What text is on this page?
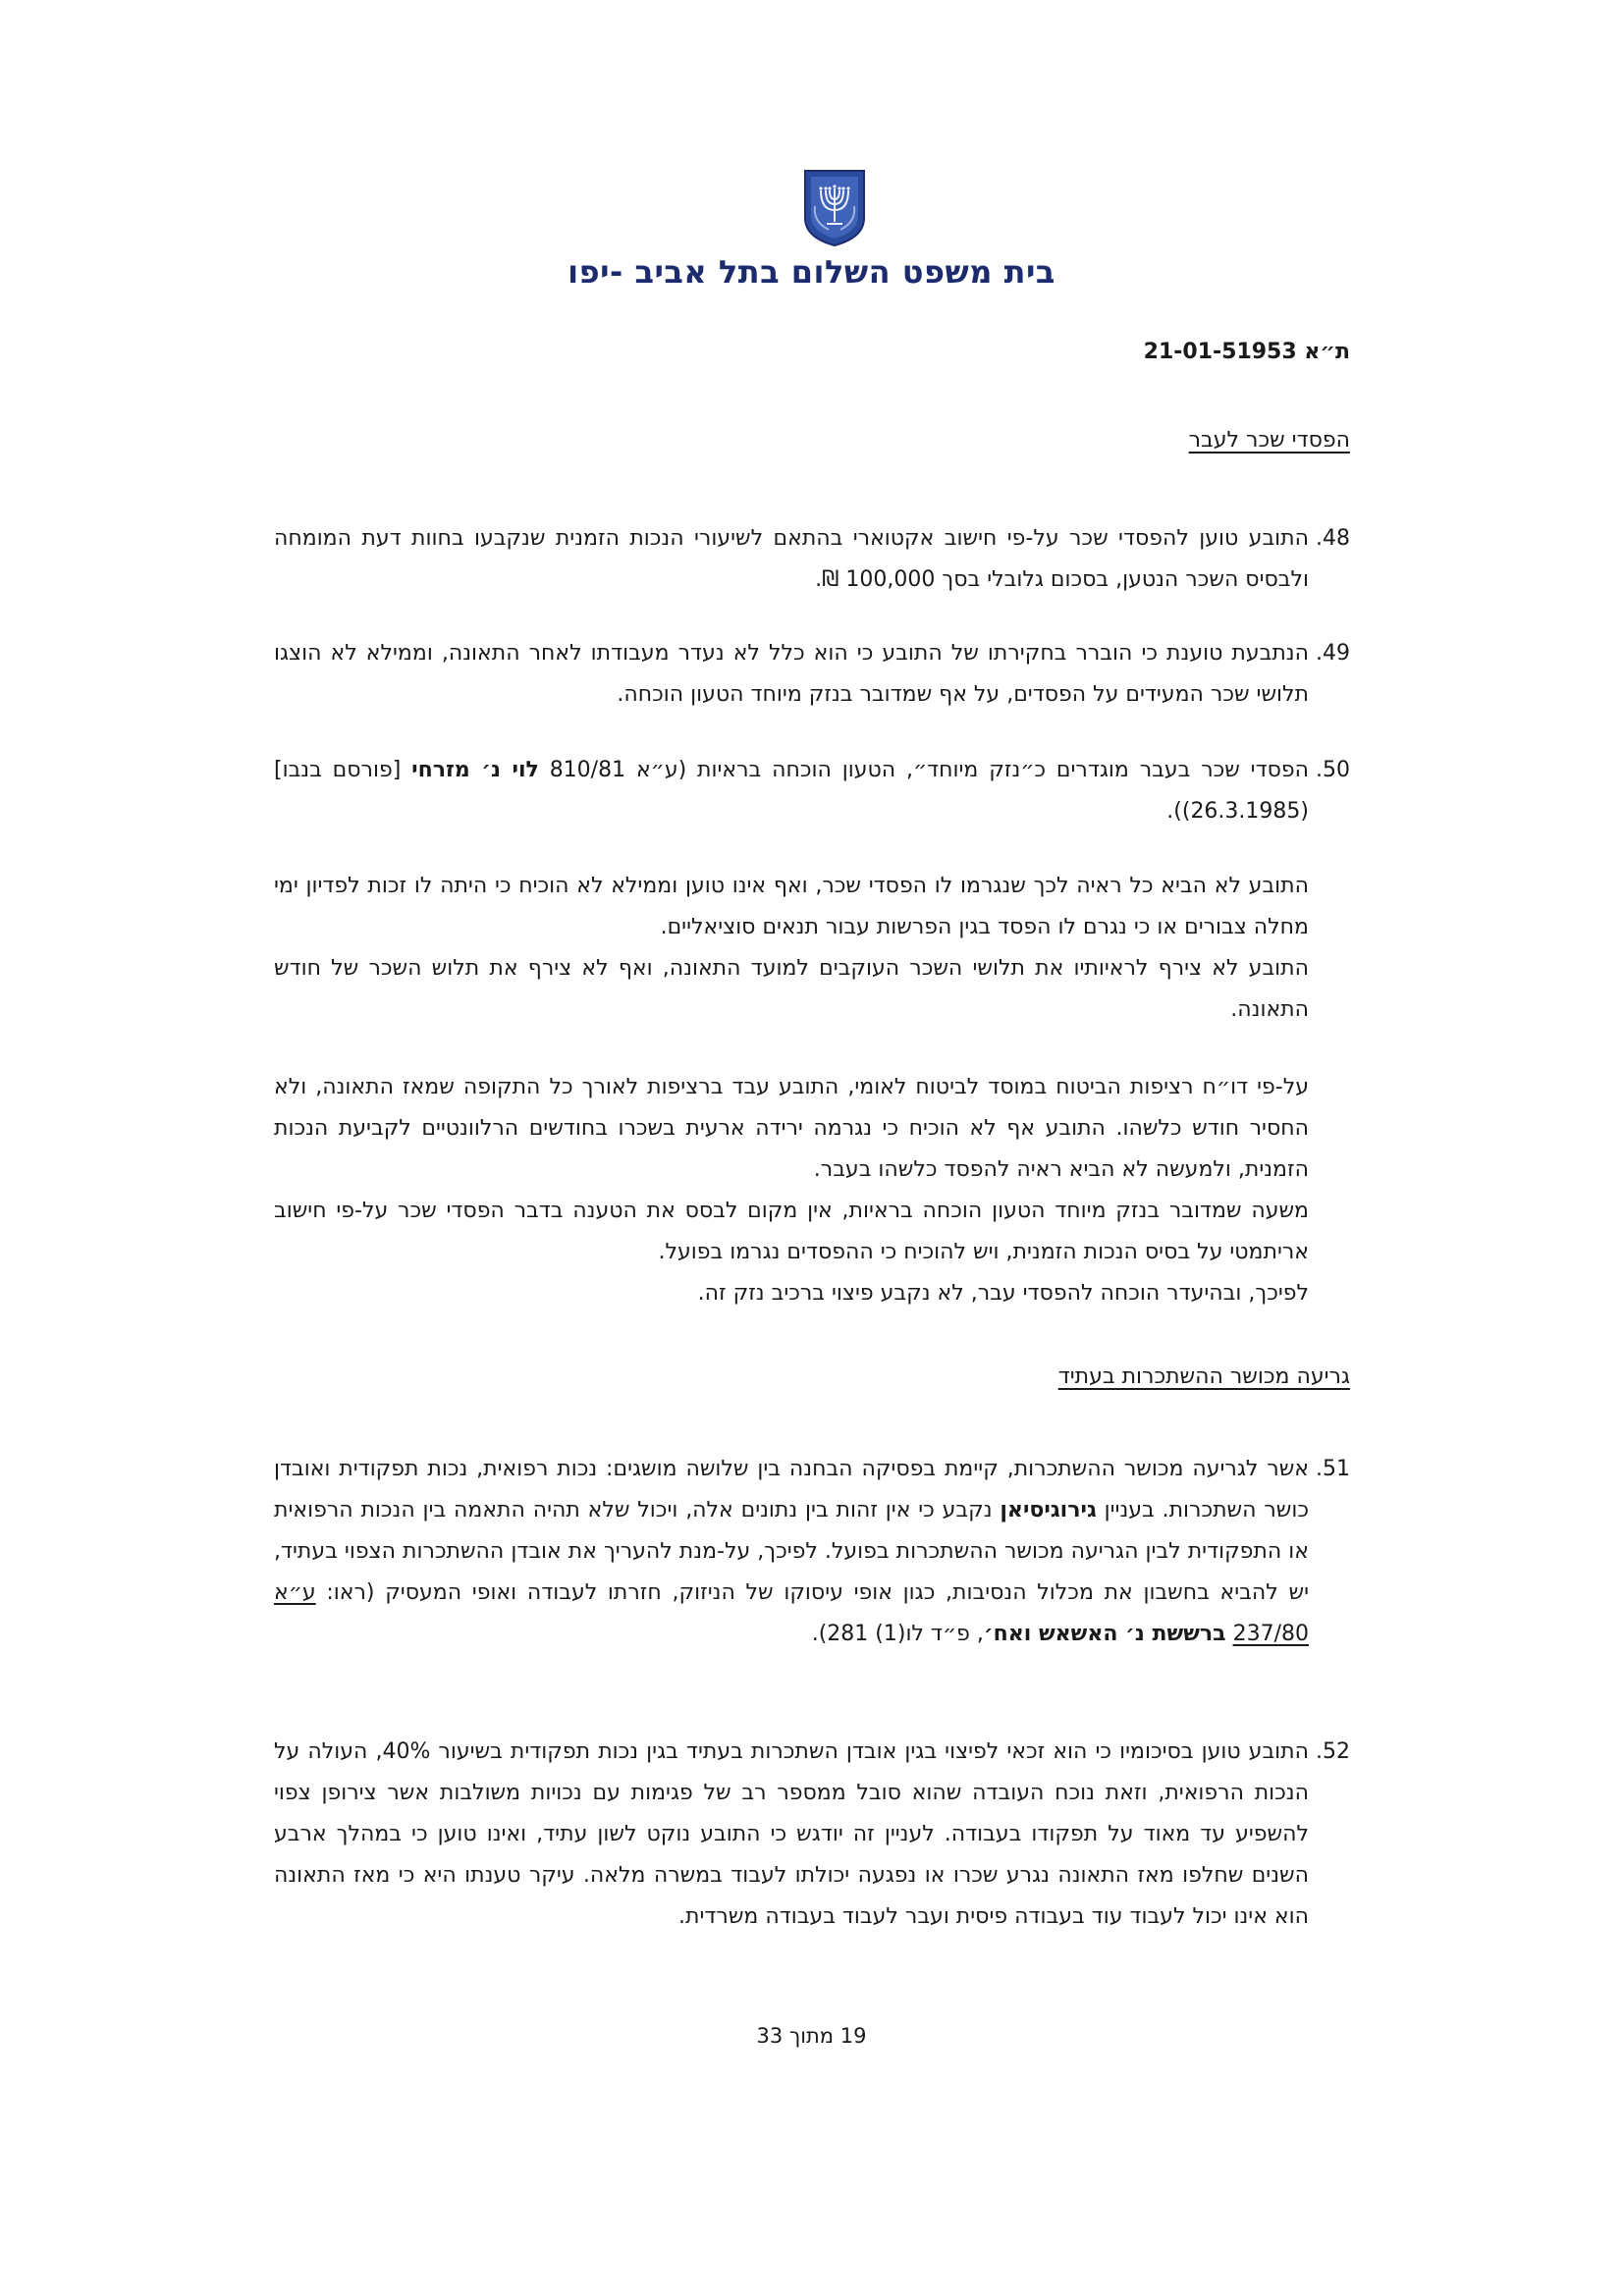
בית משפט השלום בתל אביב -יפו
ת״א 21-01-51953
הפסדי שכר לעבר
48.
התובע טוען להפסדי שכר על-פי חישוב אקטוארי בהתאם לשיעורי הנכות הזמנית שנקבעו בחוות דעת המומחה ולבסיס השכר הנטען, בסכום גלובלי בסך 100,000 ₪.
49.
הנתבעת טוענת כי הוברר בחקירתו של התובע כי הוא כלל לא נעדר מעבודתו לאחר התאונה, וממילא לא הוצגו תלושי שכר המעידים על הפסדים, על אף שמדובר בנזק מיוחד הטעון הוכחה.
50.
הפסדי שכר בעבר מוגדרים כ״נזק מיוחד״, הטעון הוכחה בראיות (ע״א 810/81 לוי נ׳ מזרחי [פורסם בנבו] (26.3.1985)).

התובע לא הביא כל ראיה לכך שנגרמו לו הפסדי שכר, ואף אינו טוען וממילא לא הוכיח כי היתה לו זכות לפדיון ימי מחלה צבורים או כי נגרם לו הפסד בגין הפרשות עבור תנאים סוציאליים.

התובע לא צירף לראיותיו את תלושי השכר העוקבים למועד התאונה, ואף לא צירף את תלוש השכר של חודש התאונה.

על-פי דו״ח רציפות הביטוח במוסד לביטוח לאומי, התובע עבד ברציפות לאורך כל התקופה שמאז התאונה, ולא החסיר חודש כלשהו. התובע אף לא הוכיח כי נגרמה ירידה ארעית בשכרו בחודשים הרלוונטיים לקביעת הנכות הזמנית, ולמעשה לא הביא ראיה להפסד כלשהו בעבר.

משעה שמדובר בנזק מיוחד הטעון הוכחה בראיות, אין מקום לבסס את הטענה בדבר הפסדי שכר על-פי חישוב אריתמטי על בסיס הנכות הזמנית, ויש להוכיח כי ההפסדים נגרמו בפועל.

לפיכך, ובהיעדר הוכחה להפסדי עבר, לא נקבע פיצוי ברכיב נזק זה.

גריעה מכושר ההשתכרות בעתיד
51.
אשר לגריעה מכושר ההשתכרות, קיימת בפסיקה הבחנה בין שלושה מושגים: נכות רפואית, נכות תפקודית ואובדן כושר השתכרות. בעניין גירוגיסיאן נקבע כי אין זהות בין נתונים אלה, ויכול שלא תהיה התאמה בין הנכות הרפואית או התפקודית לבין הגריעה מכושר ההשתכרות בפועל. לפיכך, על-מנת להעריך את אובדן ההשתכרות הצפוי בעתיד, יש להביא בחשבון את מכלול הנסיבות, כגון אופי עיסוקו של הניזוק, חזרתו לעבודה ואופי המעסיק (ראו: ע״א 237/80 ברששת נ׳ האשאש ואח׳, פ״ד לו(1) 281).
52.
התובע טוען בסיכומיו כי הוא זכאי לפיצוי בגין אובדן השתכרות בעתיד בגין נכות תפקודית בשיעור 40%, העולה על הנכות הרפואית, וזאת נוכח העובדה שהוא סובל ממספר רב של פגימות עם נכויות משולבות אשר צירופן צפוי להשפיע עד מאוד על תפקודו בעבודה. לעניין זה יודגש כי התובע נוקט לשון עתיד, ואינו טוען כי במהלך ארבע השנים שחלפו מאז התאונה נגרע שכרו או נפגעה יכולתו לעבוד במשרה מלאה. עיקר טענתו היא כי מאז התאונה הוא אינו יכול לעבוד עוד בעבודה פיסית ועבר לעבוד בעבודה משרדית.
19 מתוך 33
